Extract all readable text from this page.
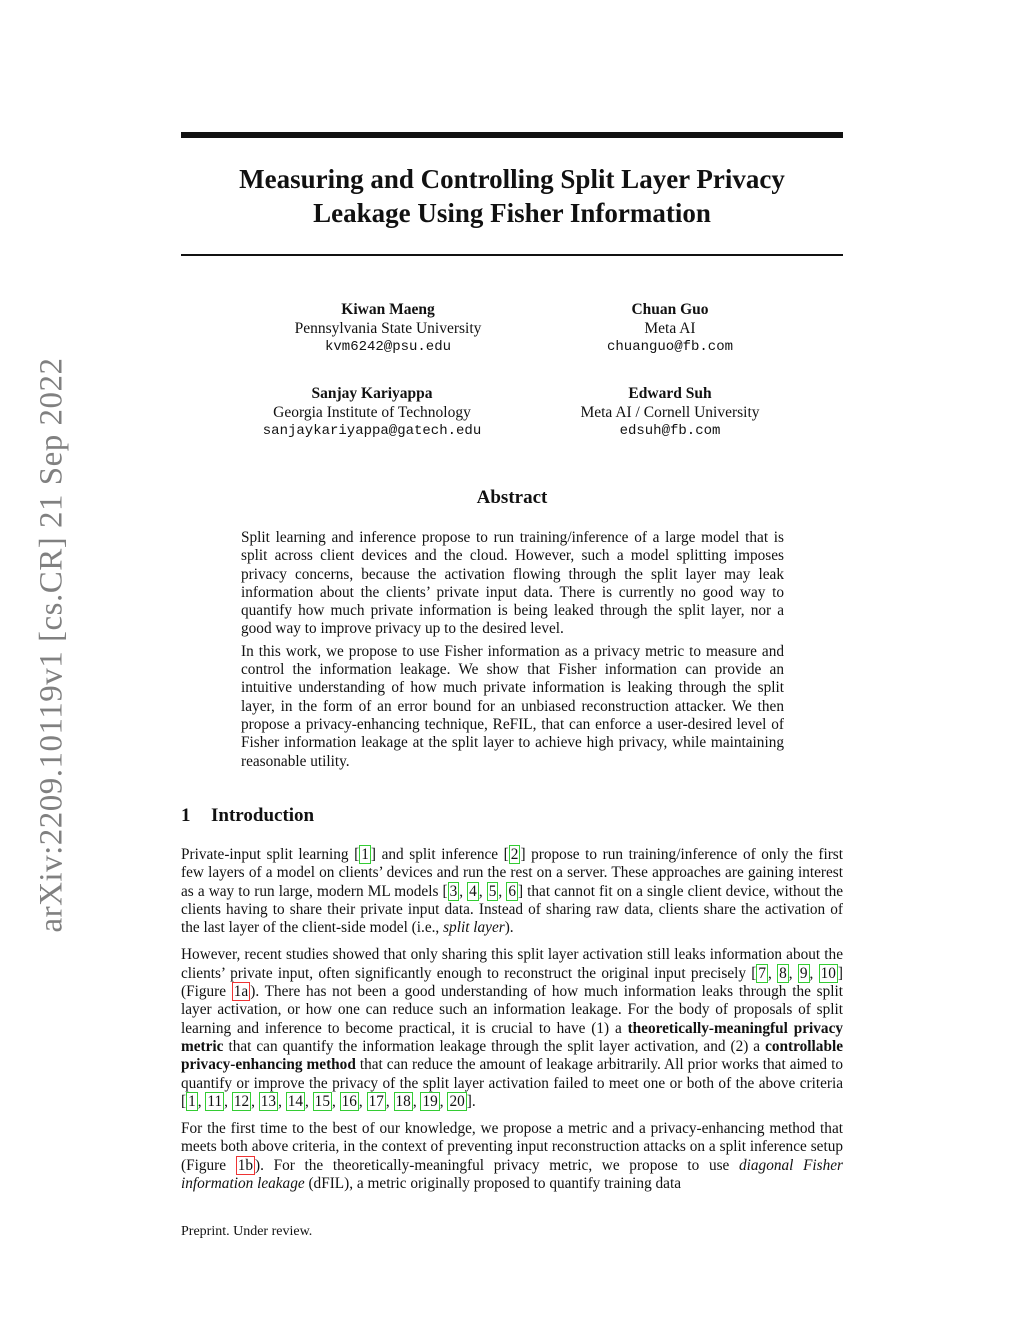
arXiv:2209.10119v1 [cs.CR] 21 Sep 2022
Measuring and Controlling Split Layer Privacy
Leakage Using Fisher Information
Kiwan Maeng
Pennsylvania State University
kvm6242@psu.edu
Chuan Guo
Meta AI
chuanguo@fb.com
Sanjay Kariyappa
Georgia Institute of Technology
sanjaykariyappa@gatech.edu
Edward Suh
Meta AI / Cornell University
edsuh@fb.com
Abstract

Split learning and inference propose to run training/inference of a large model that is split across client devices and the cloud. However, such a model splitting imposes privacy concerns, because the activation flowing through the split layer may leak information about the clients’ private input data. There is currently no good way to quantify how much private information is being leaked through the split layer, nor a good way to improve privacy up to the desired level.

In this work, we propose to use Fisher information as a privacy metric to measure and control the information leakage. We show that Fisher information can provide an intuitive understanding of how much private information is leaking through the split layer, in the form of an error bound for an unbiased reconstruction attacker. We then propose a privacy-enhancing technique, ReFIL, that can enforce a user-desired level of Fisher information leakage at the split layer to achieve high privacy, while maintaining reasonable utility.

1 Introduction

Private-input split learning [ 1 ] and split inference [ 2 ] propose to run training/inference of only the first few layers of a model on clients’ devices and run the rest on a server. These approaches are gaining interest as a way to run large, modern ML models [ 3 , 4 , 5 , 6 ] that cannot fit on a single client device, without the clients having to share their private input data. Instead of sharing raw data, clients share the activation of the last layer of the client-side model (i.e., split layer).

However, recent studies showed that only sharing this split layer activation still leaks information about the clients’ private input, often significantly enough to reconstruct the original input precisely [ 7 , 8 , 9 , 10 ] (Figure 1a ). There has not been a good understanding of how much information leaks through the split layer activation, or how one can reduce such an information leakage. For the body of proposals of split learning and inference to become practical, it is crucial to have (1) a theoretically-meaningful privacy metric that can quantify the information leakage through the split layer activation, and (2) a controllable privacy-enhancing method that can reduce the amount of leakage arbitrarily. All prior works that aimed to quantify or improve the privacy of the split layer activation failed to meet one or both of the above criteria [ 1 , 11 , 12 , 13 , 14 , 15 , 16 , 17 , 18 , 19 , 20 ].

For the first time to the best of our knowledge, we propose a metric and a privacy-enhancing method that meets both above criteria, in the context of preventing input reconstruction attacks on a split inference setup (Figure 1b ). For the theoretically-meaningful privacy metric, we propose to use diagonal Fisher information leakage (dFIL), a metric originally proposed to quantify training data

Preprint. Under review.
